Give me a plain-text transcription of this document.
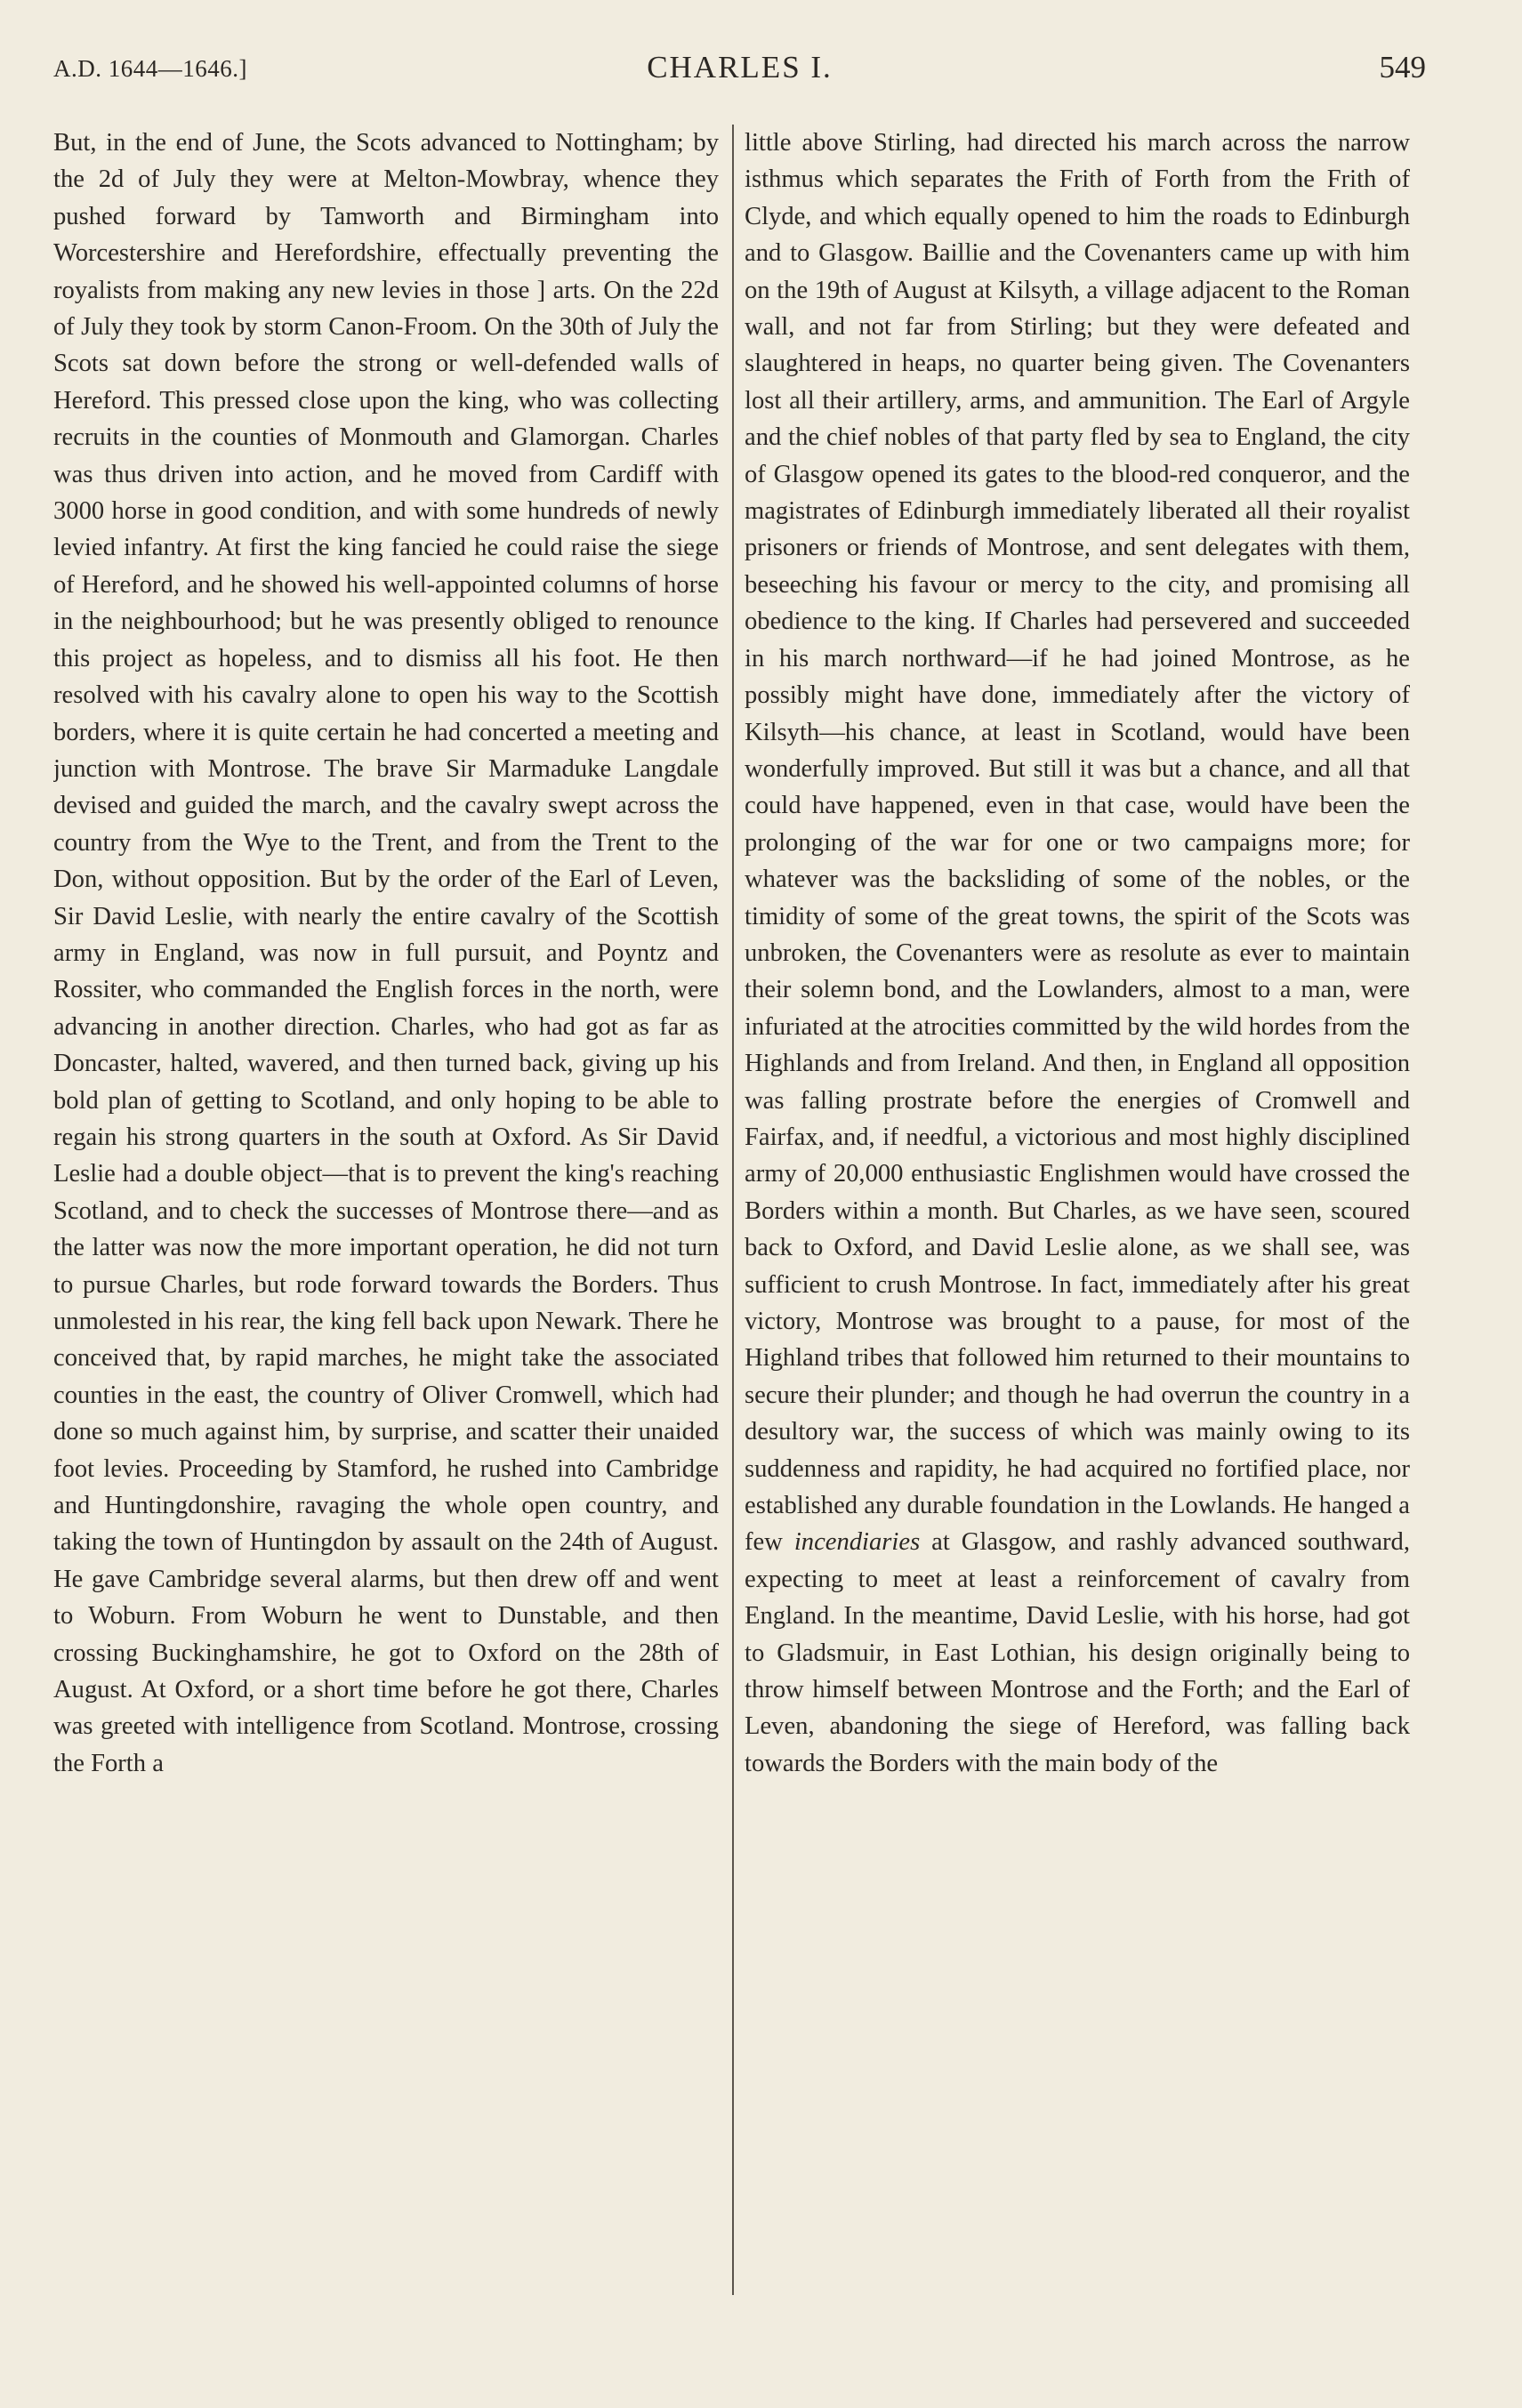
A.D. 1644—1646.]	CHARLES I.	549

But, in the end of June, the Scots advanced to Nottingham; by the 2d of July they were at Melton-Mowbray, whence they pushed forward by Tamworth and Birmingham into Worcestershire and Herefordshire, effectually preventing the royalists from making any new levies in those ] arts. On the 22d of July they took by storm Canon-Froom. On the 30th of July the Scots sat down before the strong or well-defended walls of Hereford. This pressed close upon the king, who was collecting recruits in the counties of Monmouth and Glamorgan. Charles was thus driven into action, and he moved from Cardiff with 3000 horse in good condition, and with some hundreds of newly levied infantry. At first the king fancied he could raise the siege of Hereford, and he showed his well-appointed columns of horse in the neighbourhood; but he was presently obliged to renounce this project as hopeless, and to dismiss all his foot. He then resolved with his cavalry alone to open his way to the Scottish borders, where it is quite certain he had concerted a meeting and junction with Montrose. The brave Sir Marmaduke Langdale devised and guided the march, and the cavalry swept across the country from the Wye to the Trent, and from the Trent to the Don, without opposition. But by the order of the Earl of Leven, Sir David Leslie, with nearly the entire cavalry of the Scottish army in England, was now in full pursuit, and Poyntz and Rossiter, who commanded the English forces in the north, were advancing in another direction. Charles, who had got as far as Doncaster, halted, wavered, and then turned back, giving up his bold plan of getting to Scotland, and only hoping to be able to regain his strong quarters in the south at Oxford. As Sir David Leslie had a double object—that is to prevent the king's reaching Scotland, and to check the successes of Montrose there—and as the latter was now the more important operation, he did not turn to pursue Charles, but rode forward towards the Borders. Thus unmolested in his rear, the king fell back upon Newark. There he conceived that, by rapid marches, he might take the associated counties in the east, the country of Oliver Cromwell, which had done so much against him, by surprise, and scatter their unaided foot levies. Proceeding by Stamford, he rushed into Cambridge and Huntingdonshire, ravaging the whole open country, and taking the town of Huntingdon by assault on the 24th of August. He gave Cambridge several alarms, but then drew off and went to Woburn. From Woburn he went to Dunstable, and then crossing Buckinghamshire, he got to Oxford on the 28th of August. At Oxford, or a short time before he got there, Charles was greeted with intelligence from Scotland. Montrose, crossing the Forth a

little above Stirling, had directed his march across the narrow isthmus which separates the Frith of Forth from the Frith of Clyde, and which equally opened to him the roads to Edinburgh and to Glasgow. Baillie and the Covenanters came up with him on the 19th of August at Kilsyth, a village adjacent to the Roman wall, and not far from Stirling; but they were defeated and slaughtered in heaps, no quarter being given. The Covenanters lost all their artillery, arms, and ammunition. The Earl of Argyle and the chief nobles of that party fled by sea to England, the city of Glasgow opened its gates to the blood-red conqueror, and the magistrates of Edinburgh immediately liberated all their royalist prisoners or friends of Montrose, and sent delegates with them, beseeching his favour or mercy to the city, and promising all obedience to the king. If Charles had persevered and succeeded in his march northward—if he had joined Montrose, as he possibly might have done, immediately after the victory of Kilsyth—his chance, at least in Scotland, would have been wonderfully improved. But still it was but a chance, and all that could have happened, even in that case, would have been the prolonging of the war for one or two campaigns more; for whatever was the backsliding of some of the nobles, or the timidity of some of the great towns, the spirit of the Scots was unbroken, the Covenanters were as resolute as ever to maintain their solemn bond, and the Lowlanders, almost to a man, were infuriated at the atrocities committed by the wild hordes from the Highlands and from Ireland. And then, in England all opposition was falling prostrate before the energies of Cromwell and Fairfax, and, if needful, a victorious and most highly disciplined army of 20,000 enthusiastic Englishmen would have crossed the Borders within a month. But Charles, as we have seen, scoured back to Oxford, and David Leslie alone, as we shall see, was sufficient to crush Montrose. In fact, immediately after his great victory, Montrose was brought to a pause, for most of the Highland tribes that followed him returned to their mountains to secure their plunder; and though he had overrun the country in a desultory war, the success of which was mainly owing to its suddenness and rapidity, he had acquired no fortified place, nor established any durable foundation in the Lowlands. He hanged a few incendiaries at Glasgow, and rashly advanced southward, expecting to meet at least a reinforcement of cavalry from England. In the meantime, David Leslie, with his horse, had got to Gladsmuir, in East Lothian, his design originally being to throw himself between Montrose and the Forth; and the Earl of Leven, abandoning the siege of Hereford, was falling back towards the Borders with the main body of the
